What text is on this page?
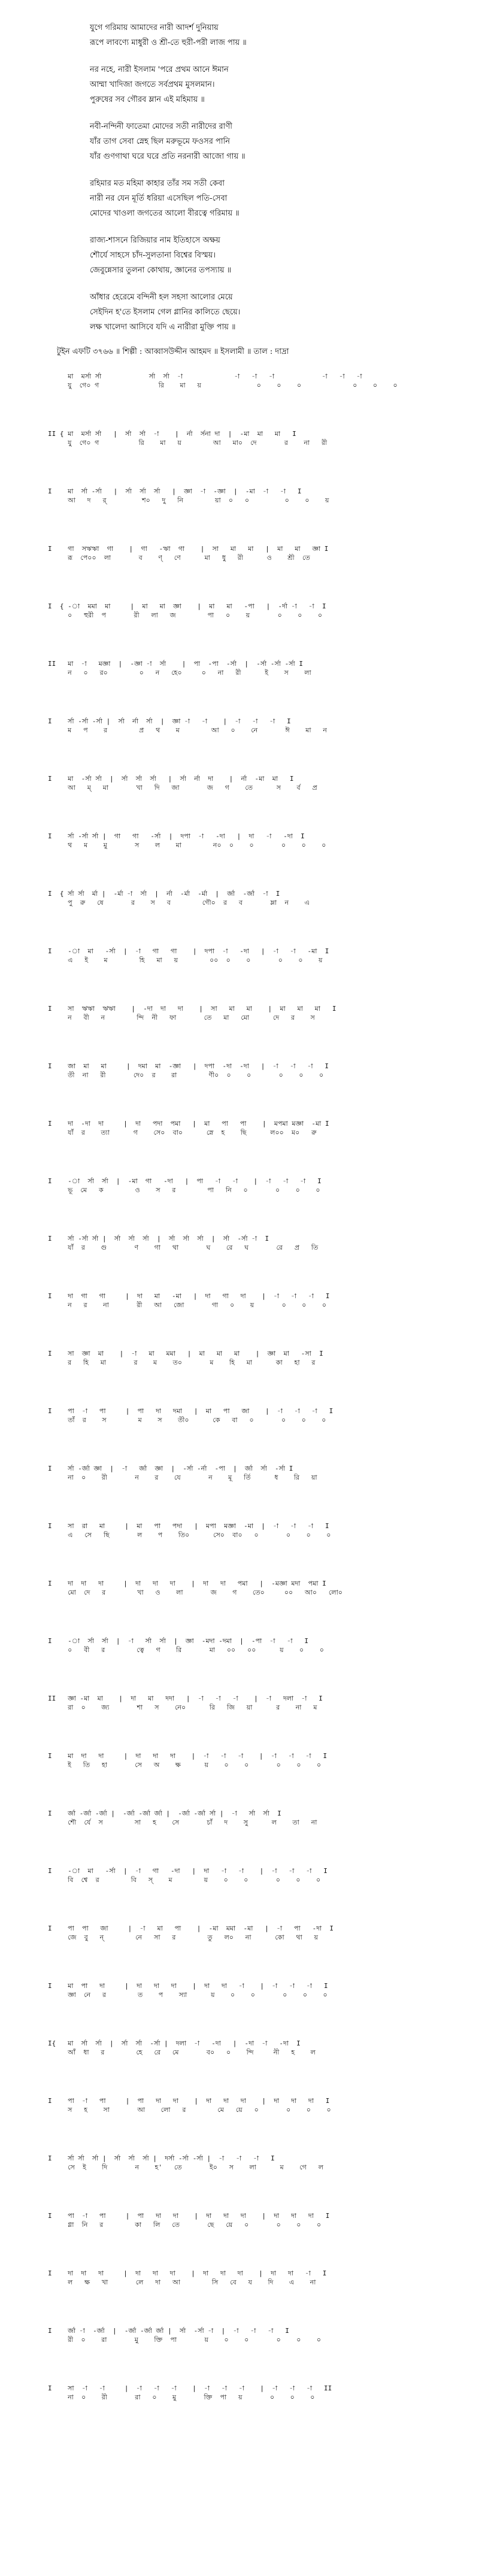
যুগে গরিমায় আমাদের নারী আদর্শ দুনিয়ায়
রূপে লাবণ্যে মাধুরী ও শ্রী-তে হুরী-পরী লাজ পায় ॥
নর নহে, নারী ইসলাম 'পরে প্রথম আনে ঈমান
আম্মা খাদিজা জগতে সর্বপ্রথম মুসলমান।
পুরুষের সব গৌরব ম্লান এই মহিমায় ॥
নবী-নন্দিনী ফাতেমা মোদের সতী নারীদের রাণী
যাঁর তাগ সেবা স্নেহ ছিল মরুভূমে ফওসর পানি
যাঁর গুণগাথা ঘরে ঘরে প্রতি নরনারী আজো গায় ॥
রহিমার মত মহিমা কাহার তাঁর সম সতী কেবা
নারী নর যেন মূর্তি ধরিয়া এসেছিল পতি-সেবা
মোদের খাওলা জগতের আলো বীরত্বে গরিমায় ॥
রাজ্য-শাসনে রিজিয়ার নাম ইতিহাসে অক্ষয়
শৌর্যে সাহসে চাঁদ-সুলতানা বিশ্বের বিস্ময়।
জেবুন্নেসার তুলনা কোথায়, জ্ঞানের তপস্যায় ॥
আঁধার হেরেমে বন্দিনী হল সহসা আলোর মেয়ে
সেইদিন হ'তে ইসলাম গেল গ্লানির কালিতে ছেয়ে।
লক্ষ খালেদা আসিবে যদি এ নারীরা মুক্তি পায় ॥
টুইন এফটি ৩৭৬৬ ॥ শিল্পী : আব্বাসউদ্দীন আহমদ ॥ ইসলামী ॥ তাল : দাদ্রা
মা  মর্সা র্সা            র্সা  র্সা  -া             -া   -া   -া            -া   -া   -া
যু  গে০ গ               রি    মা   য়              ০    ০    ০             ০    ০    ০
II { মা  মর্সা র্সা   |  র্সা  র্সা  -া    |  র্না  র্সনা দা  |  -মা  মা   মা   I
যু  গে০ গ          রি    মা   য়        আ   মা০  দে       র    না   রী
I    মা  র্সা -র্সা   |  র্সা  র্সা  র্সা   |  জ্ঞা  -া  -জ্ঞা  |  -মা  -া   -া   I
আ   দ   র্         শ০   দু   নি        য়া  ০   ০         ০    ০    য়
I    গা  সঋঋা  গা    |  গা   -ঋা  গা    |  সা   মা   মা   |  মা   মা   জ্ঞা I
রূ  পে০০  লা       ব    ণ্   ণে      মা   ধু   রী      ও    শ্রী  তে
I  { -া  মমা  মা     |  মা   মা  জ্ঞা    |  মা   মা   -পা   |  -র্দা -া   -া  I
০   হুরী  প       রী   লা   জ        পা   ০    য়       ০    ০    ০
II   মা  -া   মজ্ঞা  |  -জ্ঞা -া  র্সা    |  পা  -পা  -র্সা  |  -র্সা -র্সা -র্সা I
ন   ০   র০        ০   ন   হে০     ০   না   রী      ই    স    লা
I    র্সা -র্সা -র্সা |  র্সা  র্না  র্সা  |  জ্ঞা -া   -া    |  -া   -া   -া   I
ম   প    র        প্র   থ    ম        আ   ০    নে       ঈ    মা   ন
I    মা  -র্সা র্সা  |  র্সা  র্সা  র্সা   |  র্সা  র্না  দা    |  র্না  -মা  মা   I
আ   ম্   মা       খা   দি   জা       জ   গ    তে      স    র্ব   প্র
I    র্সা -র্সা র্সা |  গা   গা   -র্সা  |  দপা  -া   -দা   |  দা   -া   -দা  I
থ   ম    মু       স    ল    মা        ন০  ০    ০       ০    ০    ০
I  { র্সা র্সা  র্মা |  -র্মা -া  র্সা  |  র্না  -র্মা  -র্মা  |  র্জা  -র্জা  -া  I
পু  রু   ষে       র    স   ব        গৌ০  র   ব       ম্লা  ন    এ
I    -া  মা   -র্সা  |  -া   গা   গা    |  দপা  -া   -দা   |  -া   -া   -মা  I
এ   ই    ম        হি   মা   য়        ০০  ০    ০       ০    ০    য়
I    সা  ঋঋা  ঋঋা    |  -দা  দা   দা    |  সা   মা   মা    |  মা   মা   মা   I
ন   বী   ন        ন্দি  নী   ফা       তে   মা   মো      দে   র    স
I    জা  মা   মা     |  দমা  মা  -জ্ঞা   |  দপা  -দা  -দা   |  -া   -া   -া   I
তী  না   রী       দে০  র    রা        ণী০  ০    ০       ০    ০    ০
I    দা  -দা  দা     |  দা   পদা  পমা   |  মা   পা   পা    |  মপমা মজ্ঞা  -মা I
যাঁ  র    ত্যা      গ    সে০  বা০      স্নে  হ    ছি      ল০০  ম০   রু
I    -া  র্সা  র্সা  |  -মা  গা   -দা   |  পা   -া   -া    |  -া   -া   -া   I
ভূ  মে   ক        ও    স   র        পা   নি   ০       ০    ০    ০
I    র্সা -র্সা র্সা |  র্সা  র্সা  র্সা  |  র্সা  র্সা  র্সা  |  র্সা  -র্সা -া  I
যাঁ  র    গু       ণ    গা   থা       ঘ    রে   ঘ       রে   প্র   তি
I    দা  গা   গা     |  দা   মা   -মা   |  দা   গা   দা    |  -া   -া   -া   I
ন   র    না       রী   আ   জো       গা   ০    য়       ০    ০    ০
I    সা  জ্ঞা  মা    |  -া   মা   মমা   |  মা   মা   মা    |  জ্ঞা  মা   -সা  I
র   হি   মা       র    ম    ত০       ম    হি   মা      কা   হা   র
I    পা  -া   পা     |  পা   দা   দমা   |  মা   পা   জা    |  -া   -া   -া   I
তাঁ  র    স        ম    স    তী০      কে   বা   ০       ০    ০    ০
I    র্সা -র্জা জ্ঞা  |  -া   র্জা  জ্ঞা  |  -র্সা -র্না  -পা  |  র্জা  র্সা  -র্সা I
না  ০    রী       ন    র    যে       ন    মূ   র্তি      ধ    রি   য়া
I    সা  রা   মা     |  মা   পা   পদা   |  মপা  মজ্ঞা  -মা  |  -া   -া   -া   I
এ   সে   ছি       ল    প    তি০      সে০  বা০   ০       ০    ০    ০
I    দা  দা   দা     |  দা   দা   দা    |  দা   দা   পমা   |  -মজ্ঞা মদা  পমা I
মো  দে   র        খা   ও    লা       জ    গ    তে০     ০০   আ০   লো০
I    -া  র্সা  র্সা  |  -া   র্সা  র্সা  |  জ্ঞা  -মদা -দমা  |  -পা  -া   -া   I
০   বী   র        ত্বে   গ    রি       মা   ০০   ০০      য়    ০    ০
II   জ্ঞা -মা  মা    |  দা   মা   দদা   |  -া   -া   -া    |  -া   দলা  -া   I
রা  ০    জ্য       শা   স    নে০      রি   জি   য়া      র    না   ম
I    মা  দা   দা     |  দা   দা   দা    |  -া   -া   -া    |  -া   -া   -া   I
ই   তি   হা       সে   অ    ক্ষ      য়    ০    ০       ০    ০    ০
I    র্জা -র্জা -র্জা |  -র্জা -র্জা র্জা |  -র্জা -র্জা র্সা |  -া   র্সা  র্সা  I
শৌ  র্যে  স        সা   হ    সে       চাঁ   দ    সু      ল    তা   না
I    -া  মা   -র্সা  |  -া   গা   -দা   |  দা   -া   -া    |  -া   -া   -া   I
বি  শ্বে  র        বি   স্    ম        য়    ০    ০       ০    ০    ০
I    পা  পা   জা     |  -া   মা   পা    |  -মা  মমা  -মা   |  -া   পা   -দা  I
জে  বু   ন্        নে   সা   র        তু   ল০   না      কো   থা   য়
I    মা  পা   দা     |  দা   দা   দা    |  দা   দা   -া    |  -া   -া   -া   I
জ্ঞা  নে   র        ত    প    স্যা      য়    ০    ০       ০    ০    ০
I{   মা  র্সা  র্সা  |  র্সা  র্সা  -র্সা |  দলা  -া   -দা   |  -দা  -া   -দা  I
আঁ  ধা   র        হে   রে   মে       ব০   ০    ন্দি     নী   হ    ল
I    পা  -া   পা     |  পা   দা   দা    |  দা   দা   দা    |  দা   দা   দা   I
স   হ    সা       আ    লো   র        মে   য়ে   ০       ০    ০    ০
I    র্সা র্সা  র্সা |  র্সা  র্সা  র্সা |  দর্সা -র্সা -র্সা |  -া   -া   -া   I
সে  ই    দি       ন    হ'   তে       ই০   স    লা      ম    গে   ল
I    পা  -া   পা     |  পা   দা   দা    |  দা   দা   দা    |  দা   দা   দা   I
গ্লা  নি   র        কা   লি   তে       ছে   য়ে   ০       ০    ০    ০
I    দা  দা   দা     |  দা   দা   দা    |  দা   দা   দা    |  দা   দা   -া   I
ল   ক্ষ   খা       লে   দা   আ        সি   বে   য    দি    এ    না
I    র্জা -া  -র্জা  |  -র্জা -র্জা র্জা |  র্সা  -র্সা -া  |  -া   -া   -া   I
রী  ০    রা       মু    ক্তি  পা       য়    ০    ০       ০    ০    ০
I    সা  -া   -া     |  -া   -া   -া    |  -া   -া   -া    |  -া   -া   -া   II
না  ০    রী       রা   ০    মু       ক্তি  পা   য়       ০    ০    ০
